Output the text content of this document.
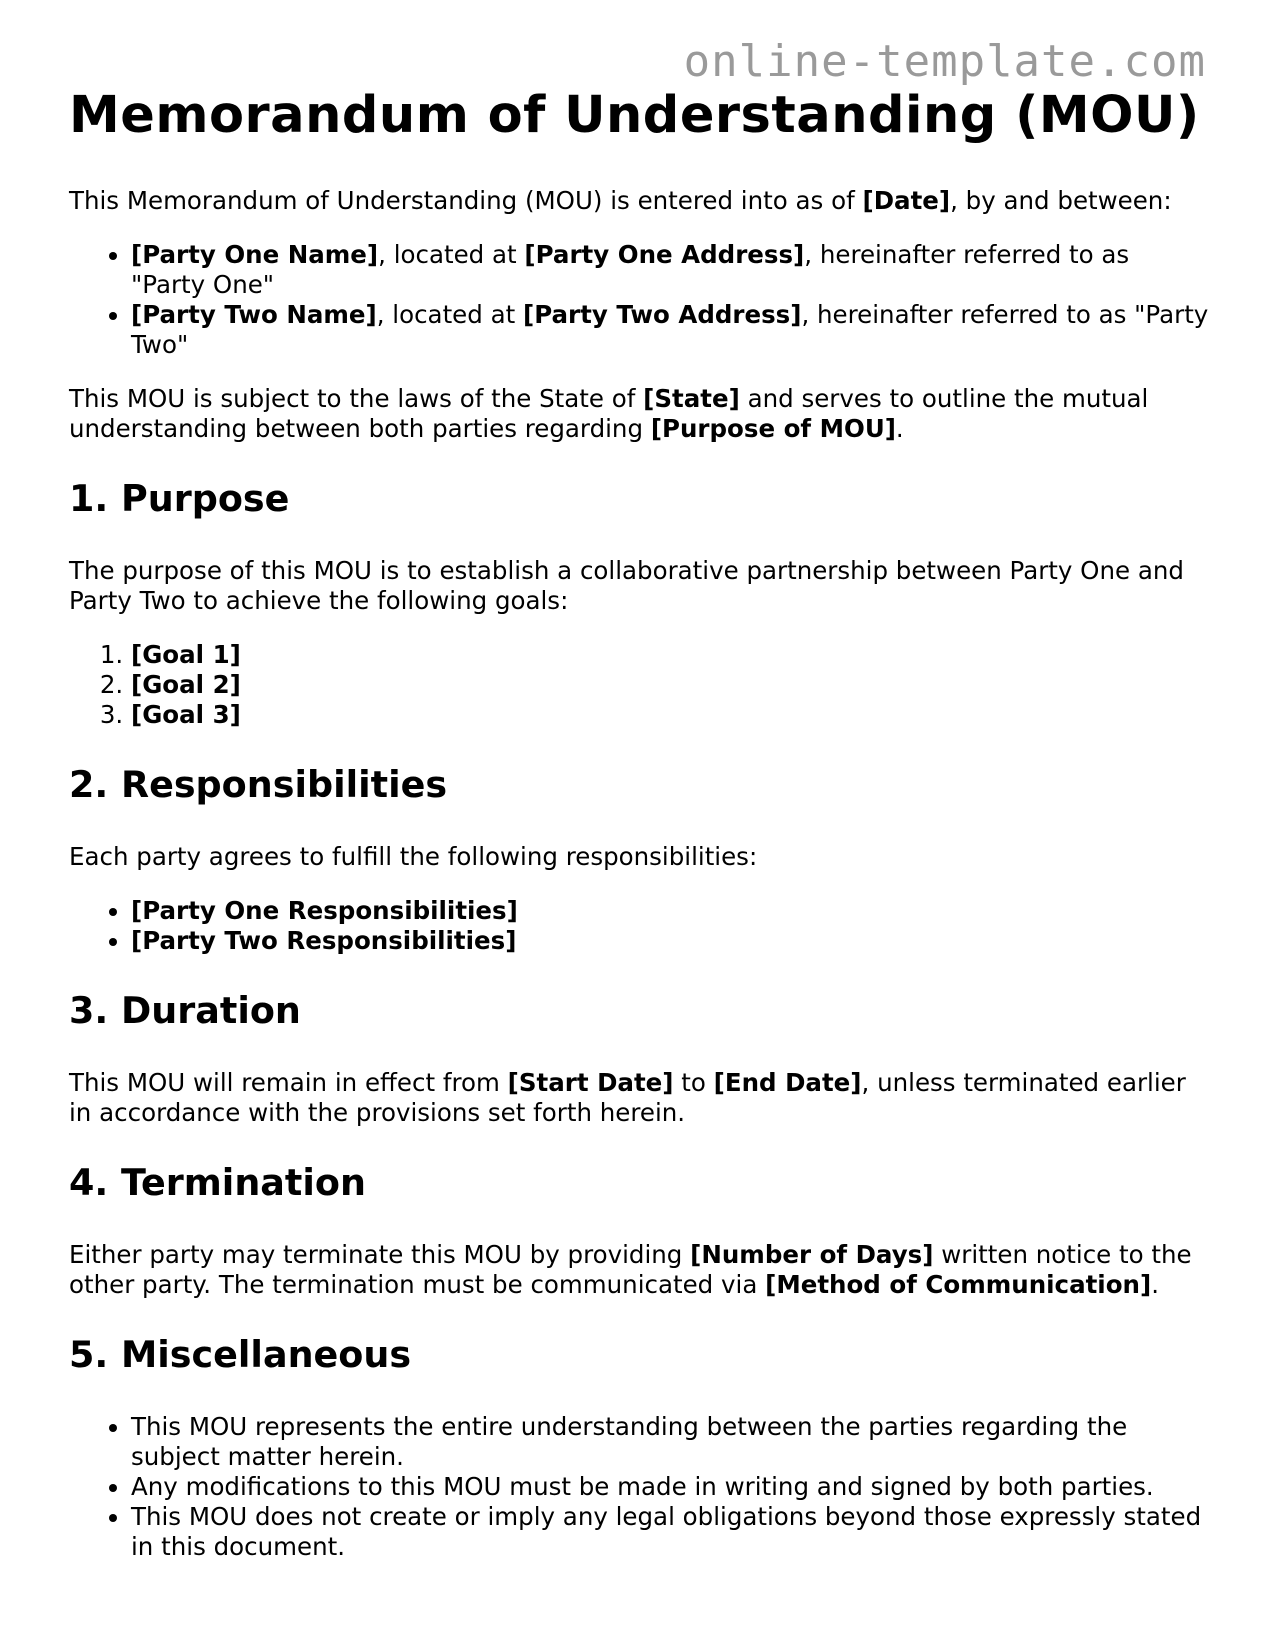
online-template.com
Memorandum of Understanding (MOU)

This Memorandum of Understanding (MOU) is entered into as of [Date], by and between:

• [Party One Name], located at [Party One Address], hereinafter referred to as "Party One"
• [Party Two Name], located at [Party Two Address], hereinafter referred to as "Party Two"

This MOU is subject to the laws of the State of [State] and serves to outline the mutual understanding between both parties regarding [Purpose of MOU].

1. Purpose

The purpose of this MOU is to establish a collaborative partnership between Party One and Party Two to achieve the following goals:

1. [Goal 1]
2. [Goal 2]
3. [Goal 3]
2. Responsibilities

Each party agrees to fulfill the following responsibilities:

• [Party One Responsibilities]
• [Party Two Responsibilities]
3. Duration

This MOU will remain in effect from [Start Date] to [End Date], unless terminated earlier in accordance with the provisions set forth herein.

4. Termination

Either party may terminate this MOU by providing [Number of Days] written notice to the other party. The termination must be communicated via [Method of Communication].

5. Miscellaneous
• This MOU represents the entire understanding between the parties regarding the subject matter herein.
• Any modifications to this MOU must be made in writing and signed by both parties.
• This MOU does not create or imply any legal obligations beyond those expressly stated in this document.
